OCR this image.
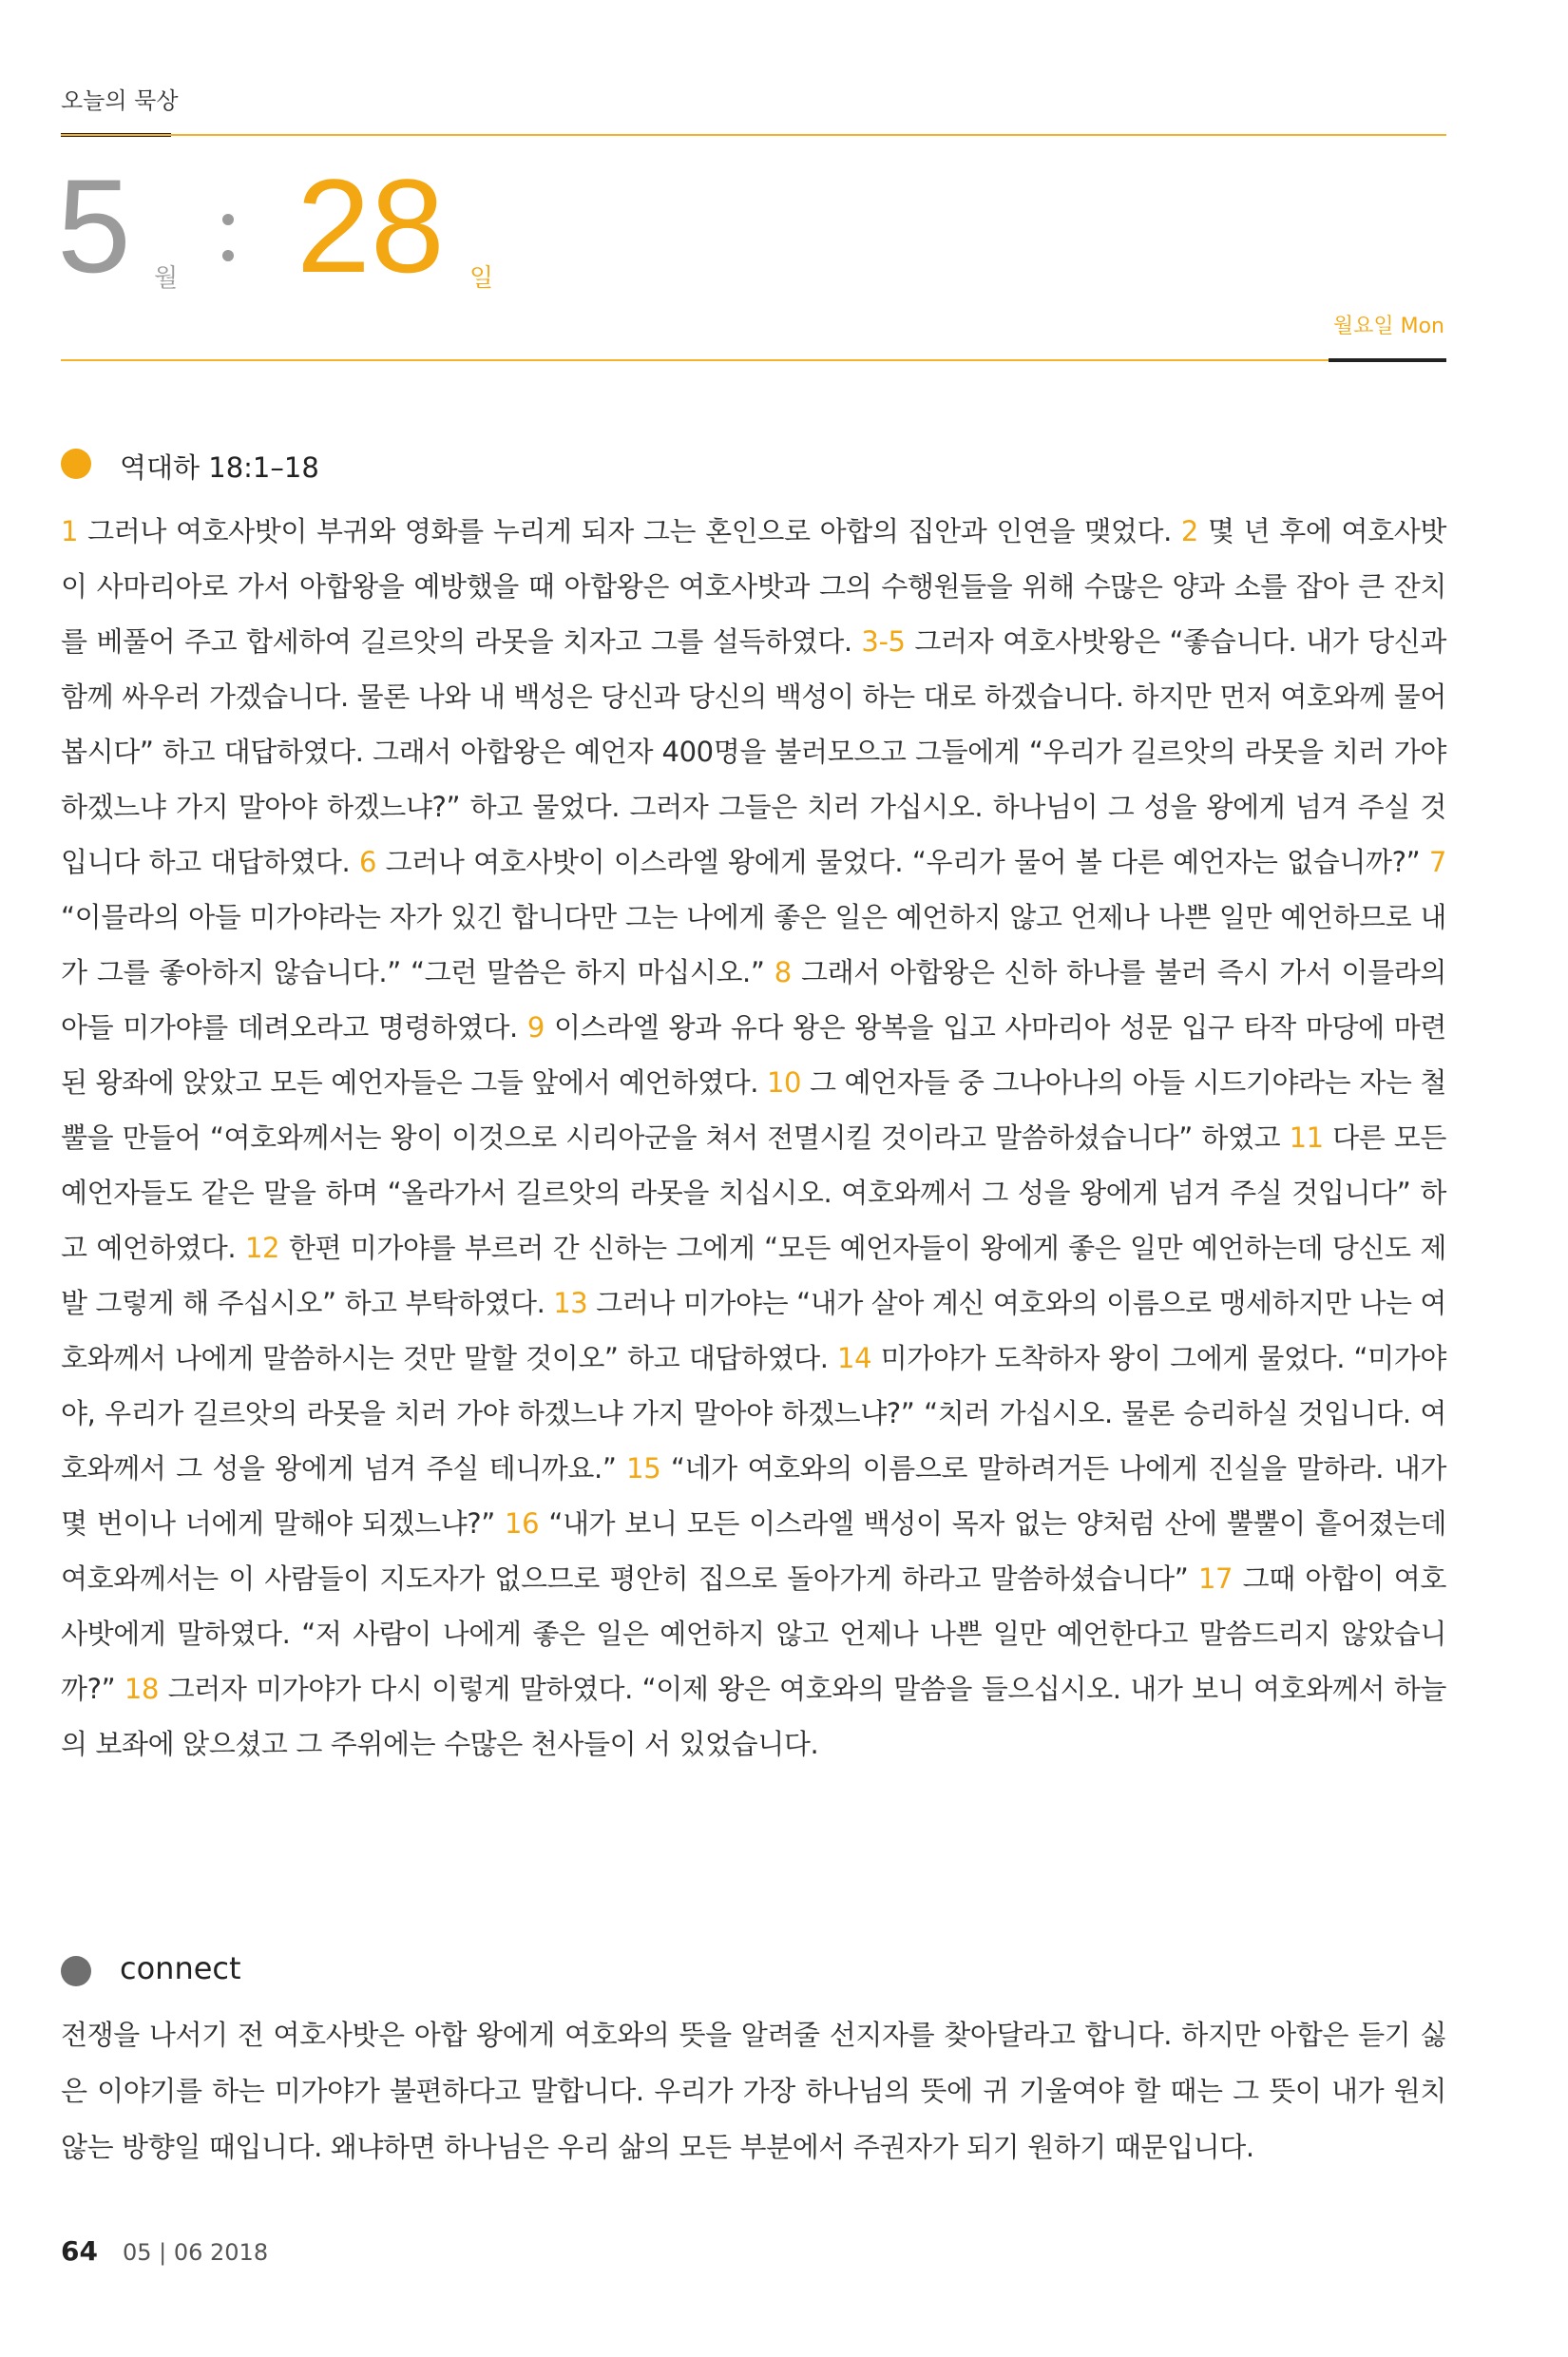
오늘의 묵상
5 월 28 일
월요일 Mon
역대하 18:1–18
1 그러나 여호사밧이 부귀와 영화를 누리게 되자 그는 혼인으로 아합의 집안과 인연을 맺었다. 2 몇 년 후에 여호사밧이 사마리아로 가서 아합왕을 예방했을 때 아합왕은 여호사밧과 그의 수행원들을 위해 수많은 양과 소를 잡아 큰 잔치를 베풀어 주고 합세하여 길르앗의 라못을 치자고 그를 설득하였다. 3-5 그러자 여호사밧왕은 “좋습니다. 내가 당신과 함께 싸우러 가겠습니다. 물론 나와 내 백성은 당신과 당신의 백성이 하는 대로 하겠습니다. 하지만 먼저 여호와께 물어 봅시다” 하고 대답하였다. 그래서 아합왕은 예언자 400명을 불러모으고 그들에게 “우리가 길르앗의 라못을 치러 가야 하겠느냐 가지 말아야 하겠느냐?” 하고 물었다. 그러자 그들은 치러 가십시오. 하나님이 그 성을 왕에게 넘겨 주실 것입니다 하고 대답하였다. 6 그러나 여호사밧이 이스라엘 왕에게 물었다. “우리가 물어 볼 다른 예언자는 없습니까?” 7 “이믈라의 아들 미가야라는 자가 있긴 합니다만 그는 나에게 좋은 일은 예언하지 않고 언제나 나쁜 일만 예언하므로 내가 그를 좋아하지 않습니다.” “그런 말씀은 하지 마십시오.” 8 그래서 아합왕은 신하 하나를 불러 즉시 가서 이믈라의 아들 미가야를 데려오라고 명령하였다. 9 이스라엘 왕과 유다 왕은 왕복을 입고 사마리아 성문 입구 타작 마당에 마련된 왕좌에 앉았고 모든 예언자들은 그들 앞에서 예언하였다. 10 그 예언자들 중 그나아나의 아들 시드기야라는 자는 철뿔을 만들어 “여호와께서는 왕이 이것으로 시리아군을 쳐서 전멸시킬 것이라고 말씀하셨습니다” 하였고 11 다른 모든 예언자들도 같은 말을 하며 “올라가서 길르앗의 라못을 치십시오. 여호와께서 그 성을 왕에게 넘겨 주실 것입니다” 하고 예언하였다. 12 한편 미가야를 부르러 간 신하는 그에게 “모든 예언자들이 왕에게 좋은 일만 예언하는데 당신도 제발 그렇게 해 주십시오” 하고 부탁하였다. 13 그러나 미가야는 “내가 살아 계신 여호와의 이름으로 맹세하지만 나는 여호와께서 나에게 말씀하시는 것만 말할 것이오” 하고 대답하였다. 14 미가야가 도착하자 왕이 그에게 물었다. “미가야야, 우리가 길르앗의 라못을 치러 가야 하겠느냐 가지 말아야 하겠느냐?” “치러 가십시오. 물론 승리하실 것입니다. 여호와께서 그 성을 왕에게 넘겨 주실 테니까요.” 15 “네가 여호와의 이름으로 말하려거든 나에게 진실을 말하라. 내가 몇 번이나 너에게 말해야 되겠느냐?” 16 “내가 보니 모든 이스라엘 백성이 목자 없는 양처럼 산에 뿔뿔이 흩어졌는데 여호와께서는 이 사람들이 지도자가 없으므로 평안히 집으로 돌아가게 하라고 말씀하셨습니다” 17 그때 아합이 여호사밧에게 말하였다. “저 사람이 나에게 좋은 일은 예언하지 않고 언제나 나쁜 일만 예언한다고 말씀드리지 않았습니까?” 18 그러자 미가야가 다시 이렇게 말하였다. “이제 왕은 여호와의 말씀을 들으십시오. 내가 보니 여호와께서 하늘의 보좌에 앉으셨고 그 주위에는 수많은 천사들이 서 있었습니다.
connect
전쟁을 나서기 전 여호사밧은 아합 왕에게 여호와의 뜻을 알려줄 선지자를 찾아달라고 합니다. 하지만 아합은 듣기 싫은 이야기를 하는 미가야가 불편하다고 말합니다. 우리가 가장 하나님의 뜻에 귀 기울여야 할 때는 그 뜻이 내가 원치 않는 방향일 때입니다. 왜냐하면 하나님은 우리 삶의 모든 부분에서 주권자가 되기 원하기 때문입니다.
64 05 | 06 2018
